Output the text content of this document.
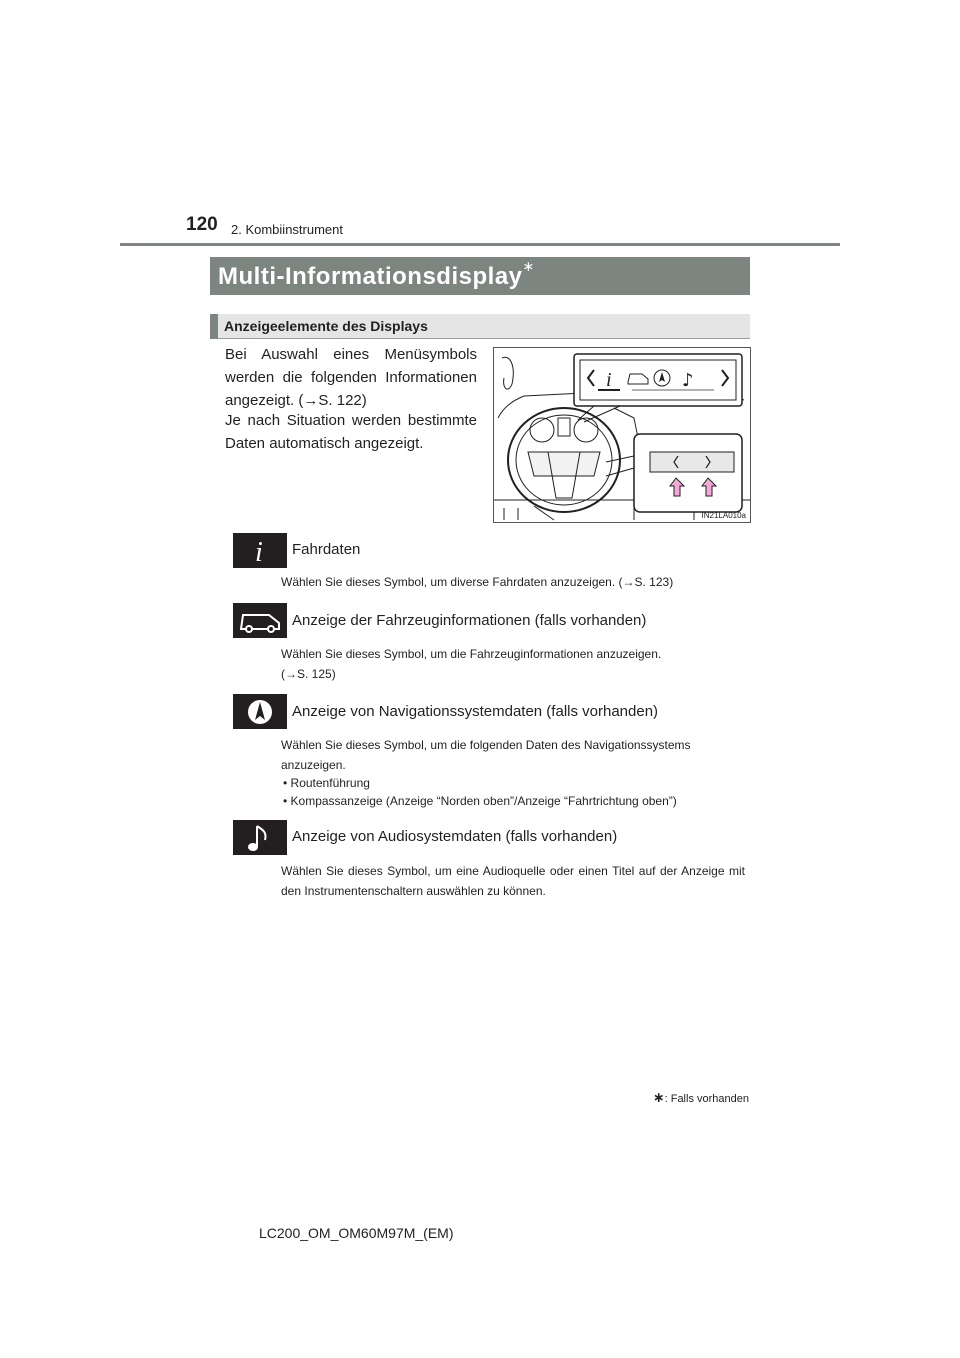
120 2. Kombiinstrument
Multi-Informationsdisplay∗
Anzeigeelemente des Displays
Bei Auswahl eines Menüsymbols werden die folgenden Informationen angezeigt. (→S. 122)
Je nach Situation werden bestimmte Daten automatisch angezeigt.
i	♪
IN21LA010a
i Fahrdaten
Wählen Sie dieses Symbol, um diverse Fahrdaten anzuzeigen. (→S. 123)
Anzeige der Fahrzeuginformationen (falls vorhanden)
Wählen Sie dieses Symbol, um die Fahrzeuginformationen anzuzeigen.
(→S. 125)
Anzeige von Navigationssystemdaten (falls vorhanden)
Wählen Sie dieses Symbol, um die folgenden Daten des Navigationssystems anzuzeigen.
• Routenführung
• Kompassanzeige (Anzeige “Norden oben”/Anzeige “Fahrtrichtung oben”)
Anzeige von Audiosystemdaten (falls vorhanden)
Wählen Sie dieses Symbol, um eine Audioquelle oder einen Titel auf der Anzeige mit den Instrumentenschaltern auswählen zu können.
∗: Falls vorhanden
LC200_OM_OM60M97M_(EM)
